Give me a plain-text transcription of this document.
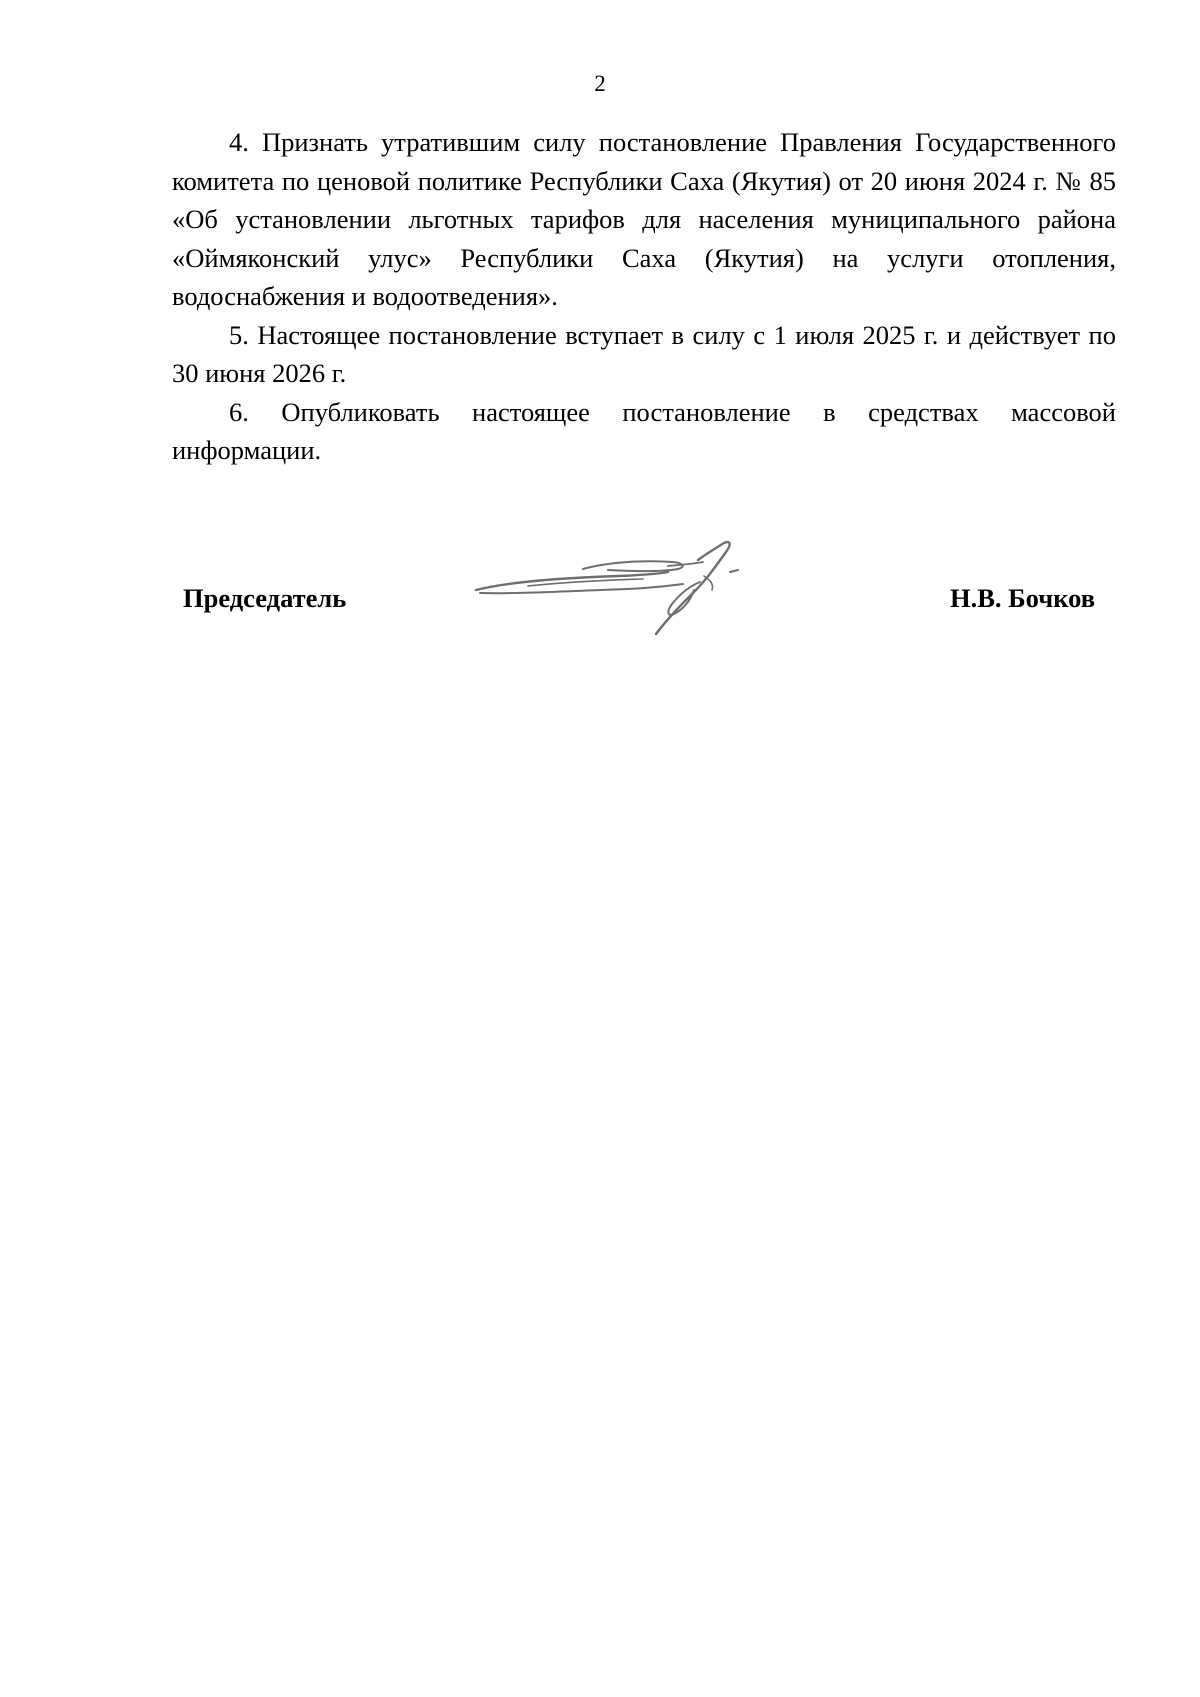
2

4. Признать утратившим силу постановление Правления Государственного комитета по ценовой политике Республики Саха (Якутия) от 20 июня 2024 г. № 85 «Об установлении льготных тарифов для населения муниципального района «Оймяконский улус» Республики Саха (Якутия) на услуги отопления, водоснабжения и водоотведения».

5. Настоящее постановление вступает в силу с 1 июля 2025 г. и действует по 30 июня 2026 г.

6. Опубликовать настоящее постановление в средствах массовой информации.

Председатель	Н.В. Бочков
